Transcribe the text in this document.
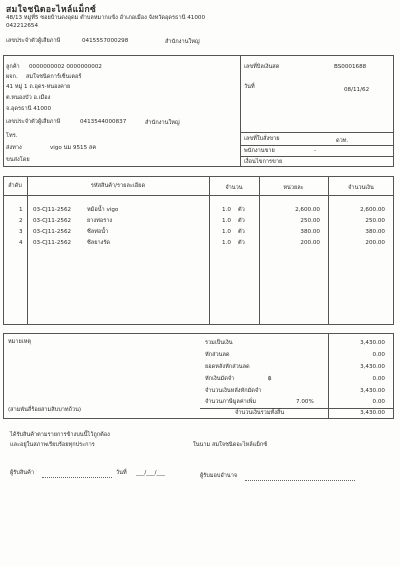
สมใจชนิดอะไหล์แม็กซ์
48/13 หมู่ที่5 ซอยบ้านดงอุดม ตำบลหมากแข้ง อำเภอเมือง จังหวัดอุดรธานี 41000
042212654
เลขประจำตัวผู้เสียภาษี	0415557000298	สำนักงานใหญ่
ลูกค้า 0000000002 0000000002
ผจก. สมใจชนิดการ์เซ็นเตอร์
41 หมู่ 1 ถ.อุดร-หนองคาย
ต.หนองบัว อ.เมือง
จ.อุดรธานี 41000
เลขประจำตัวผู้เสียภาษี	0413544000837	สำนักงานใหญ่
โทร.
ส่งทาง	vigo นม 9515 สค
ขนส่งโดย
เลขที่บิลเงินสด	BS0001688
วันที่	08/11/62
เลขที่ใบสั่งขาย	ดวท.
พนักงานขาย	-
เงื่อนไขการขาย
ลำดับ	รหัสสินค้า/รายละเอียด	จำนวน	หน่วยละ	จำนวนเงิน
1 03-CJ11-2562	หม้อน้ำ vigo	1.0 ตัว	2,600.00	2,600.00
2 03-CJ11-2562	ยางท่อราง	1.0 ตัว	250.00	250.00
3 03-CJ11-2562	ซีลท่อน้ำ	1.0 ตัว	380.00	380.00
4 03-CJ11-2562	ซีลยางรัด	1.0 ตัว	200.00	200.00
หมายเหตุ
(สามพันสี่ร้อยสามสิบบาทถ้วน)
รวมเป็นเงิน	3,430.00
หักส่วนลด	0.00
ยอดหลังหักส่วนลด	3,430.00
หักเงินมัดจำ	฿	0.00
จำนวนเงินหลังหักมัดจำ	3,430.00
จำนวนภาษีมูลค่าเพิ่ม	7.00%	0.00
จำนวนเงินรวมทั้งสิ้น	3,430.00
ได้รับสินค้าตามรายการข้างบนนี้ไว้ถูกต้อง
และอยู่ในสภาพเรียบร้อยทุกประการ	ในนาม สมใจชนิดอะไหล์แม็กซ์
ผู้รับสินค้า	วันที่ ___/___/___	ผู้รับมอบอำนาจ
